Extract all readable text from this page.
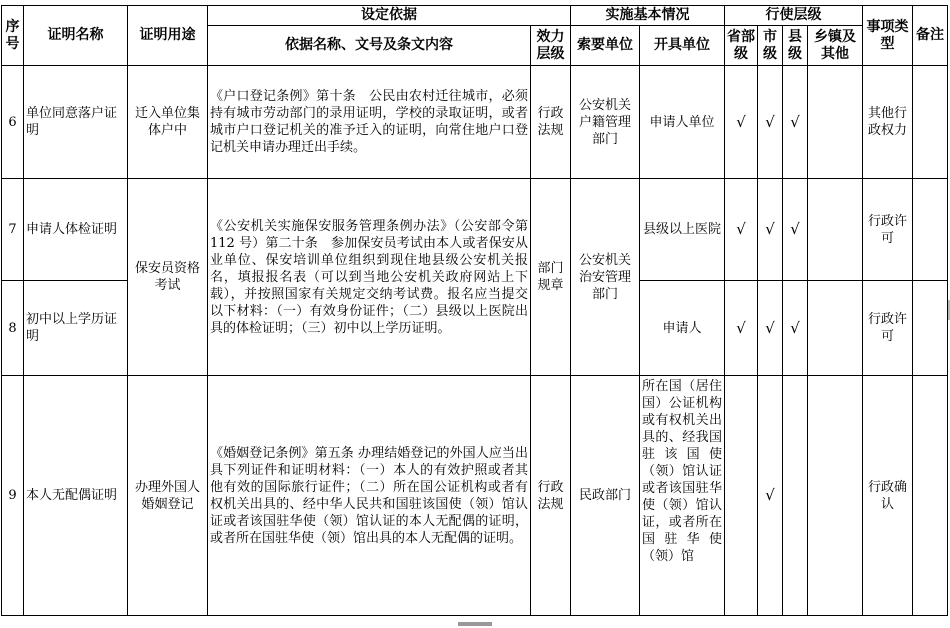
序号	证明名称	证明用途	设定依据		实施基本情况		行使层级				事项类型	备注
			依据名称、文号及条文内容	效力层级	索要单位	开具单位	省部级	市级	县级	乡镇及其他		
6	单位同意落户证明	迁入单位集体户中	《户口登记条例》第十条　公民由农村迁往城市，必须持有城市劳动部门的录用证明，学校的录取证明，或者城市户口登记机关的准予迁入的证明，向常住地户口登记机关申请办理迁出手续。	行政法规	公安机关户籍管理部门	申请人单位	√	√	√		其他行政权力	
7	申请人体检证明	保安员资格考试	《公安机关实施保安服务管理条例办法》（公安部令第 112 号）第二十条　参加保安员考试由本人或者保安从业单位、保安培训单位组织到现住地县级公安机关报名，填报报名表（可以到当地公安机关政府网站上下载），并按照国家有关规定交纳考试费。报名应当提交以下材料：（一）有效身份证件；（二）县级以上医院出具的体检证明；（三）初中以上学历证明。	部门规章	公安机关治安管理部门	县级以上医院	√	√	√		行政许可	
8	初中以上学历证明					申请人	√	√	√		行政许可	
9	本人无配偶证明	办理外国人婚姻登记	《婚姻登记条例》第五条 办理结婚登记的外国人应当出具下列证件和证明材料：（一）本人的有效护照或者其他有效的国际旅行证件；（二）所在国公证机构或者有权机关出具的、经中华人民共和国驻该国使（领）馆认证或者该国驻华使（领）馆认证的本人无配偶的证明，或者所在国驻华使（领）馆出具的本人无配偶的证明。	行政法规	民政部门	所在国（居住国）公证机构或有权机关出具的、经我国驻该国使（领）馆认证或者该国驻华使（领）馆认证，或者所在国驻华使（领）馆		√			行政确认	
